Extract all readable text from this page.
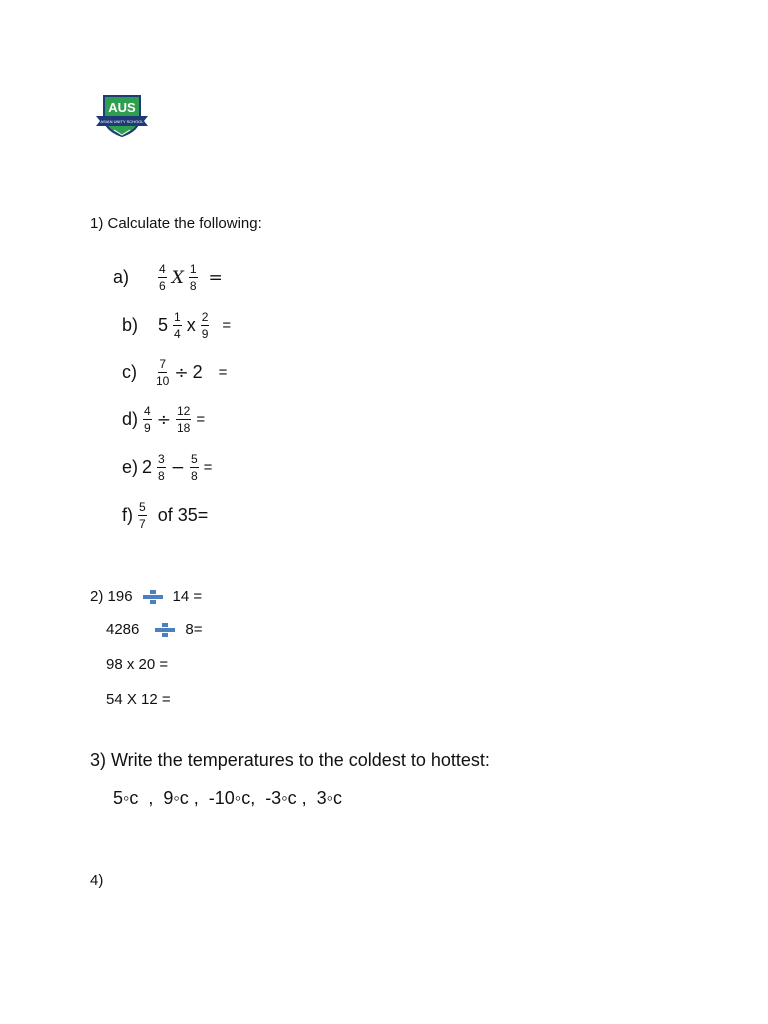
AUS
ASIAN UNITY SCHOOL
1) Calculate the following:
$a) \frac{4}{6}$ X $\frac{1}{8}$ =
b) $5 \frac{1}{4}$ x $\frac{2}{9}$ =
$c) \frac{7}{10} \div 2$ =
$d) \frac{4}{9} \div \frac{12}{18}$ =
e) $2 \frac{3}{8} - \frac{5}{8}$ =
$f) \frac{5}{7}$ of 35=
2) 196	14 =
4286	8=
98 x 20 =
54 X 12 =
3) Write the temperatures to the coldest to hottest:
5◦c  ,  9◦c ,  -10◦c,  -3◦c ,  3◦c
4)
